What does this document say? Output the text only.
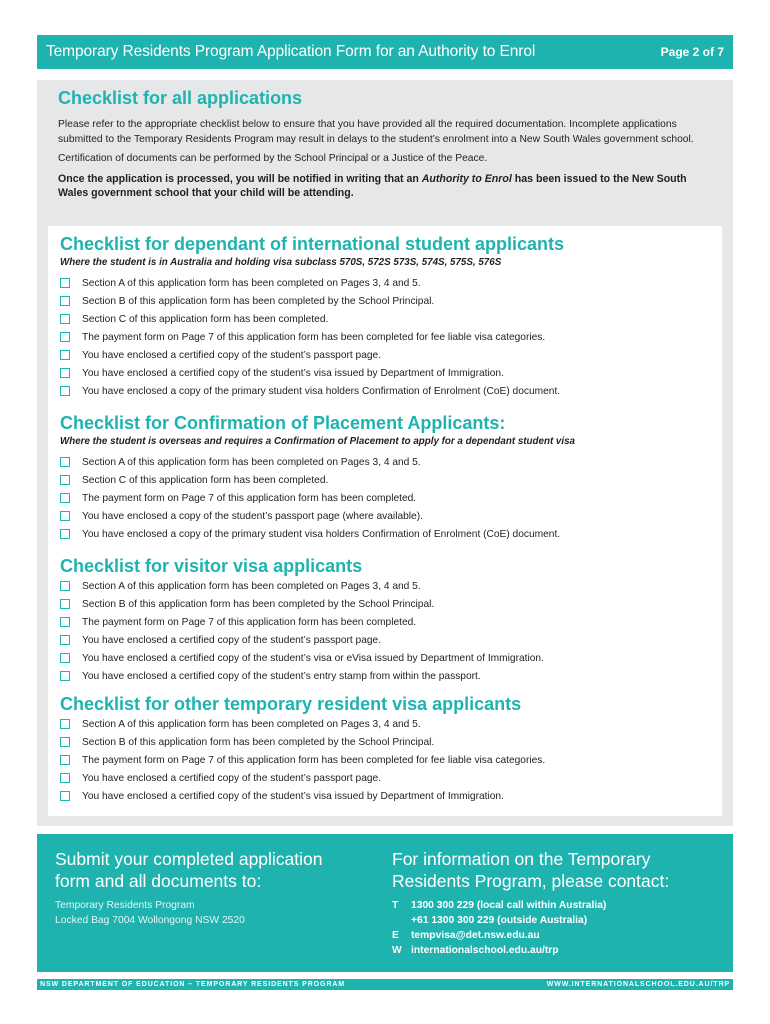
Temporary Residents Program Application Form for an Authority to Enrol	Page 2 of 7
Checklist for all applications

Please refer to the appropriate checklist below to ensure that you have provided all the required documentation. Incomplete applications submitted to the Temporary Residents Program may result in delays to the student’s enrolment into a New South Wales government school.

Certification of documents can be performed by the School Principal or a Justice of the Peace.

Once the application is processed, you will be notified in writing that an Authority to Enrol has been issued to the New South Wales government school that your child will be attending.

Checklist for dependant of international student applicants
Where the student is in Australia and holding visa subclass 570S, 572S 573S, 574S, 575S, 576S
Section A of this application form has been completed on Pages 3, 4 and 5.
Section B of this application form has been completed by the School Principal.
Section C of this application form has been completed.
The payment form on Page 7 of this application form has been completed for fee liable visa categories.
You have enclosed a certified copy of the student’s passport page.
You have enclosed a certified copy of the student’s visa issued by Department of Immigration.
You have enclosed a copy of the primary student visa holders Confirmation of Enrolment (CoE) document.
Checklist for Confirmation of Placement Applicants:
Where the student is overseas and requires a Confirmation of Placement to apply for a dependant student visa
Section A of this application form has been completed on Pages 3, 4 and 5.
Section C of this application form has been completed.
The payment form on Page 7 of this application form has been completed.
You have enclosed a copy of the student’s passport page (where available).
You have enclosed a copy of the primary student visa holders Confirmation of Enrolment (CoE) document.
Checklist for visitor visa applicants
Section A of this application form has been completed on Pages 3, 4 and 5.
Section B of this application form has been completed by the School Principal.
The payment form on Page 7 of this application form has been completed.
You have enclosed a certified copy of the student’s passport page.
You have enclosed a certified copy of the student’s visa or eVisa issued by Department of Immigration.
You have enclosed a certified copy of the student’s entry stamp from within the passport.
Checklist for other temporary resident visa applicants
Section A of this application form has been completed on Pages 3, 4 and 5.
Section B of this application form has been completed by the School Principal.
The payment form on Page 7 of this application form has been completed for fee liable visa categories.
You have enclosed a certified copy of the student’s passport page.
You have enclosed a certified copy of the student’s visa issued by Department of Immigration.
Submit your completed application
form and all documents to:
Temporary Residents Program
Locked Bag 7004 Wollongong NSW 2520
For information on the Temporary
Residents Program, please contact:
T	1300 300 229 (local call within Australia)
+61 1300 300 229 (outside Australia)
E	tempvisa@det.nsw.edu.au
W internationalschool.edu.au/trp
NSW DEPARTMENT OF EDUCATION – TEMPORARY RESIDENTS PROGRAM	WWW.INTERNATIONALSCHOOL.EDU.AU/TRP
